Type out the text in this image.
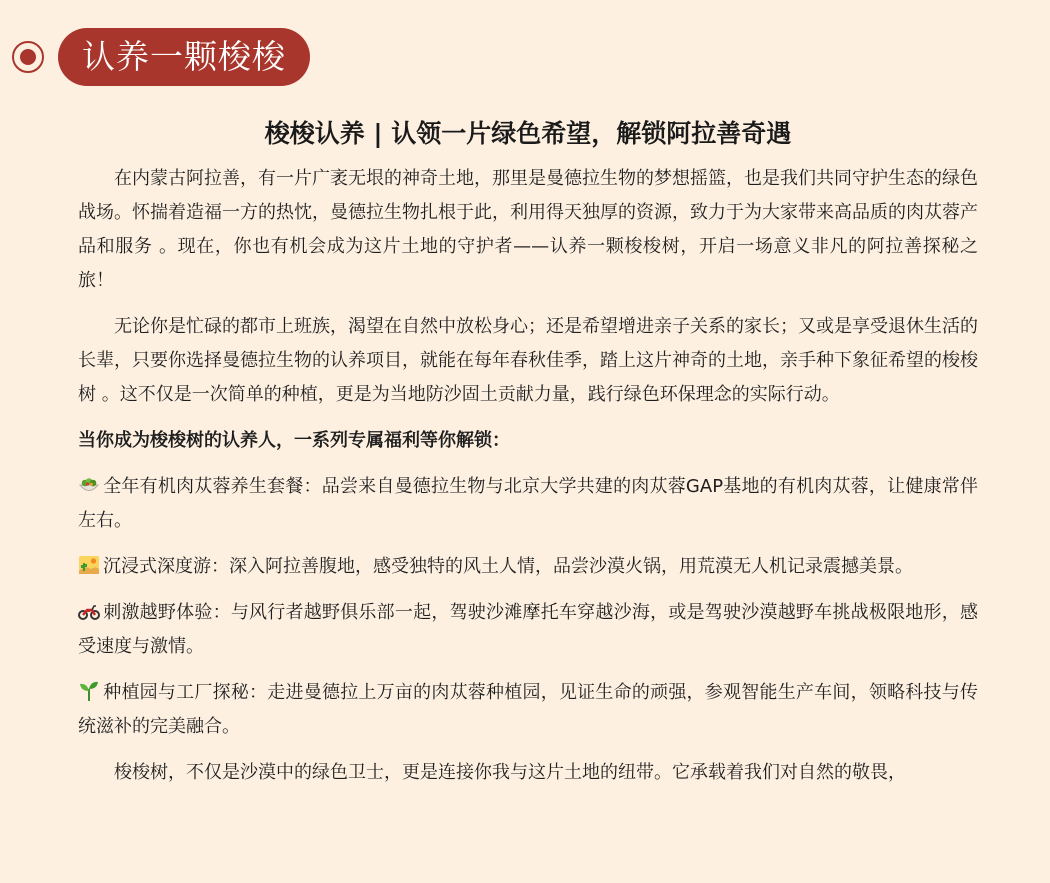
认养一颗梭梭
梭梭认养 | 认领一片绿色希望，解锁阿拉善奇遇

在内蒙古阿拉善，有一片广袤无垠的神奇土地，那里是曼德拉生物的梦想摇篮，也是我们共同守护生态的绿色战场。怀揣着造福一方的热忱，曼德拉生物扎根于此，利用得天独厚的资源，致力于为大家带来高品质的肉苁蓉产品和服务 。现在，你也有机会成为这片土地的守护者——认养一颗梭梭树，开启一场意义非凡的阿拉善探秘之旅！

无论你是忙碌的都市上班族，渴望在自然中放松身心；还是希望增进亲子关系的家长；又或是享受退休生活的长辈，只要你选择曼德拉生物的认养项目，就能在每年春秋佳季，踏上这片神奇的土地，亲手种下象征希望的梭梭树 。这不仅是一次简单的种植，更是为当地防沙固土贡献力量，践行绿色环保理念的实际行动。

当你成为梭梭树的认养人，一系列专属福利等你解锁：

全年有机肉苁蓉养生套餐：品尝来自曼德拉生物与北京大学共建的肉苁蓉GAP基地的有机肉苁蓉，让健康常伴左右。

沉浸式深度游：深入阿拉善腹地，感受独特的风土人情，品尝沙漠火锅，用荒漠无人机记录震撼美景。

刺激越野体验：与风行者越野俱乐部一起，驾驶沙滩摩托车穿越沙海，或是驾驶沙漠越野车挑战极限地形，感受速度与激情。

种植园与工厂探秘：走进曼德拉上万亩的肉苁蓉种植园，见证生命的顽强，参观智能生产车间，领略科技与传统滋补的完美融合。

梭梭树，不仅是沙漠中的绿色卫士，更是连接你我与这片土地的纽带。它承载着我们对自然的敬畏，
